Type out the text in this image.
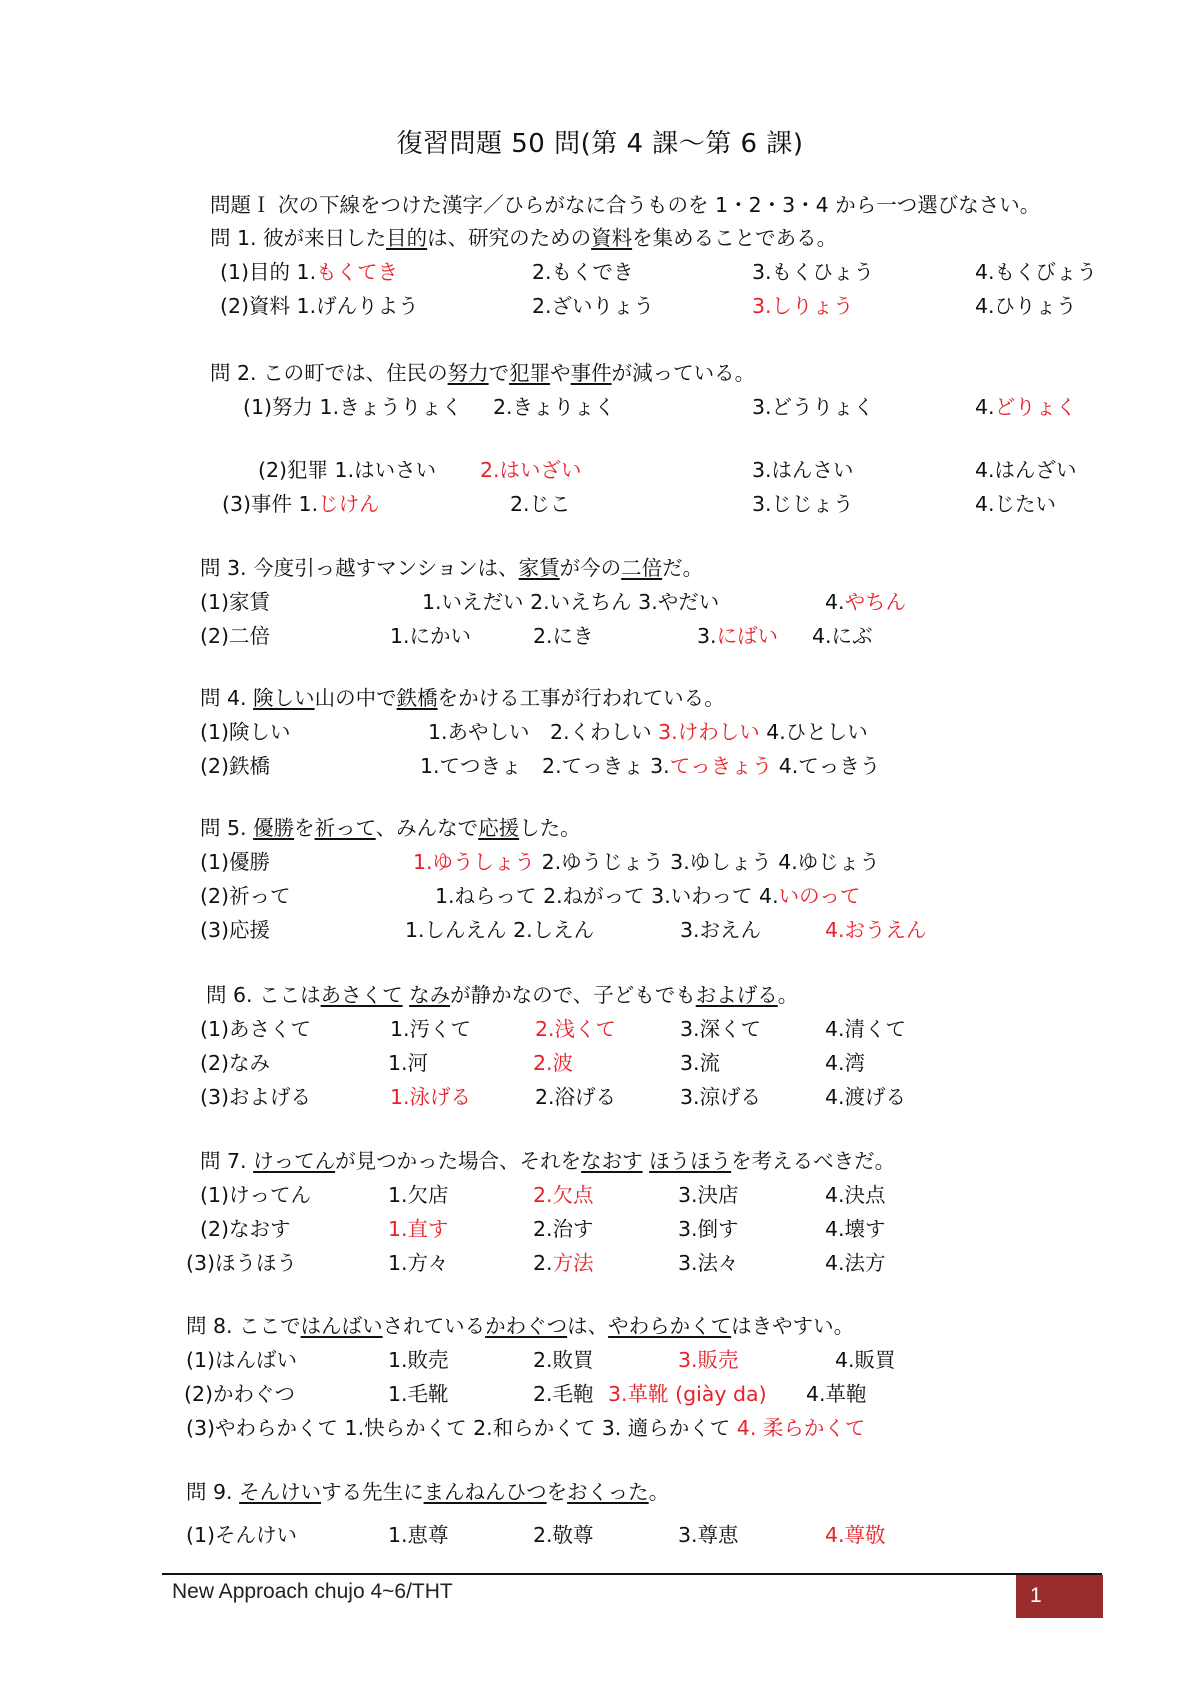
復習問題 50 問(第 4 課〜第 6 課)
問題Ｉ 次の下線をつけた漢字／ひらがなに合うものを 1・2・3・4 から一つ選びなさい。
問 1. 彼が来日した目的は、研究のための資料を集めることである。
(1)目的 1.もくてき	2.もくでき	3.もくひょう	4.もくびょう
(2)資料 1.げんりよう	2.ざいりょう	3.しりょう	4.ひりょう
問 2. この町では、住民の努力で犯罪や事件が減っている。
(1)努力 1.きょうりょく 2.きょりょく	3.どうりょく	4.どりょく
(2)犯罪 1.はいさい 2.はいざい	3.はんさい	4.はんざい
(3)事件 1.じけん	2.じこ	3.じじょう	4.じたい
問 3. 今度引っ越すマンションは、家賃が今の二倍だ。
(1)家賃	1.いえだい 2.いえちん 3.やだい	4.やちん
(2)二倍	1.にかい	2.にき	3.にばい 4.にぶ
問 4. 険しい山の中で鉄橋をかける工事が行われている。
(1)険しい	1.あやしい　2.くわしい 3.けわしい 4.ひとしい
(2)鉄橋	1.てつきょ　2.てっきょ 3.てっきょう 4.てっきう
問 5. 優勝を祈って、みんなで応援した。
(1)優勝	1.ゆうしょう 2.ゆうじょう 3.ゆしょう 4.ゆじょう
(2)祈って	1.ねらって 2.ねがって 3.いわって 4.いのって
(3)応援	1.しんえん 2.しえん	3.おえん	4.おうえん
問 6. ここはあさくて なみが静かなので、子どもでもおよげる。
(1)あさくて	1.汚くて	2.浅くて	3.深くて	4.清くて
(2)なみ	1.河	2.波	3.流	4.湾
(3)およげる	1.泳げる	2.浴げる	3.涼げる	4.渡げる
問 7. けってんが見つかった場合、それをなおす ほうほうを考えるべきだ。
(1)けってん	1.欠店	2.欠点	3.決店	4.決点
(2)なおす	1.直す	2.治す	3.倒す	4.壊す
(3)ほうほう	1.方々	2.方法	3.法々	4.法方
問 8. ここではんばいされているかわぐつは、やわらかくてはきやすい。
(1)はんばい	1.敗売	2.敗買	3.販売	4.販買
(2)かわぐつ	1.毛靴	2.毛鞄 3.革靴 (giày da) 4.革鞄
(3)やわらかくて 1.快らかくて 2.和らかくて 3. 適らかくて 4. 柔らかくて
問 9. そんけいする先生にまんねんひつをおくった。
(1)そんけい	1.恵尊	2.敬尊	3.尊恵	4.尊敬
New Approach chujo 4~6/THT	1
